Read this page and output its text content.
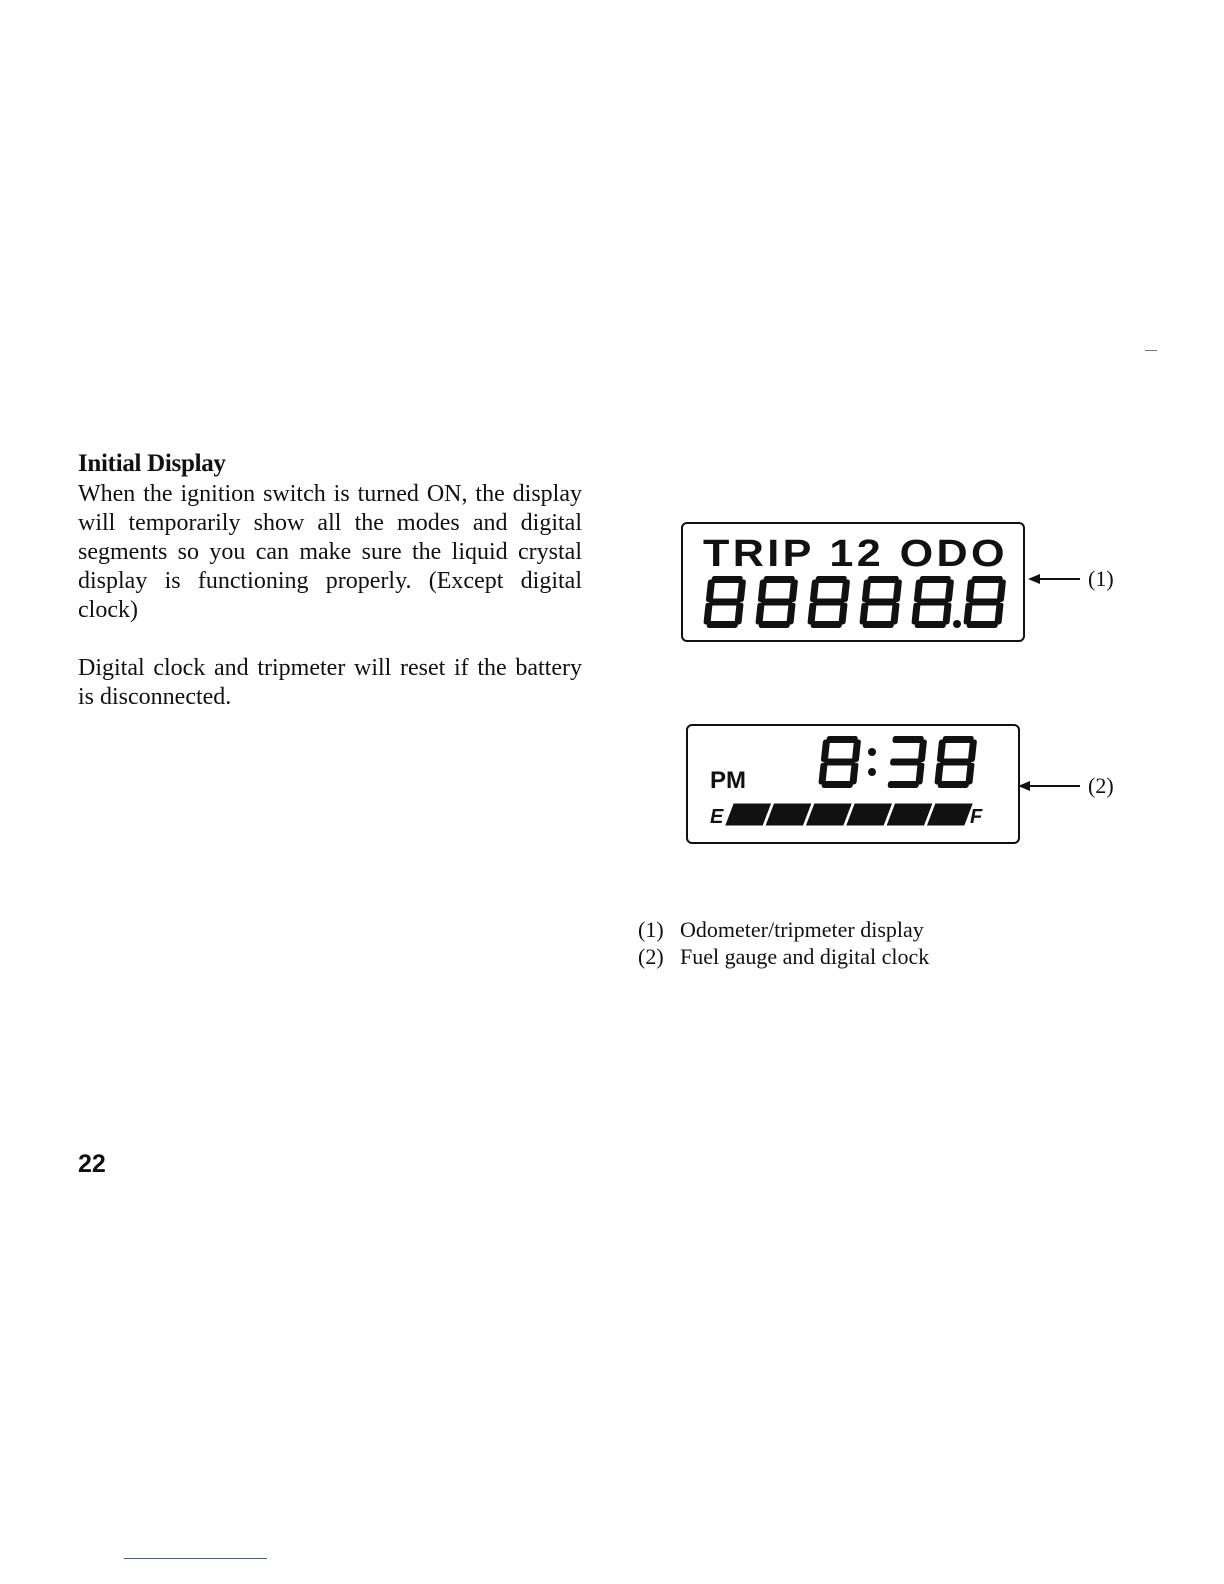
Initial Display

When the ignition switch is turned ON, the display will temporarily show all the modes and digital segments so you can make sure the liquid crystal display is functioning properly. (Except digital clock)

Digital clock and tripmeter will reset if the battery is disconnected.

TRIP 12 ODO
(1)
PM
E	F
(2)
(1) Odometer/tripmeter display
(2) Fuel gauge and digital clock
22
